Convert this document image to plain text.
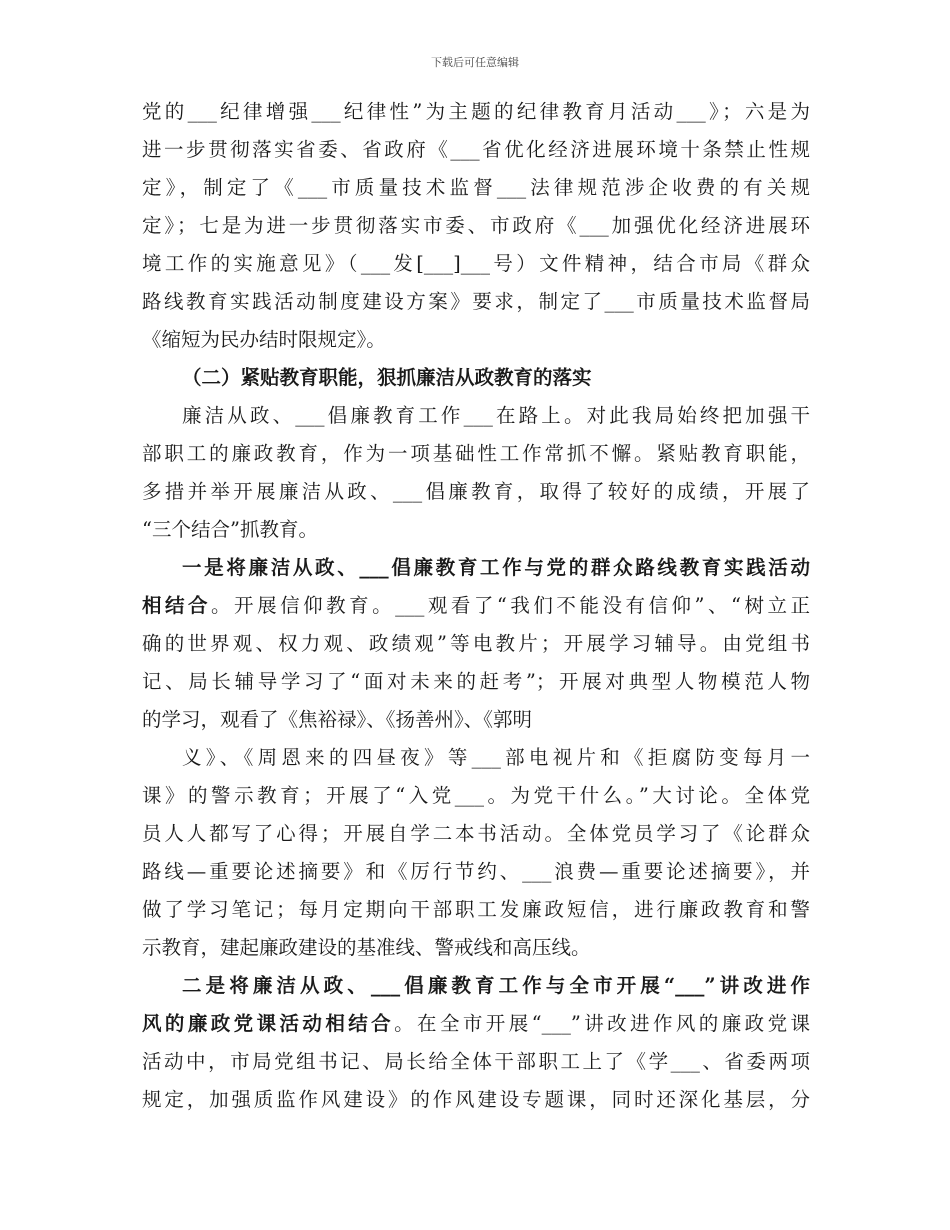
下载后可任意编辑
党的___纪律增强___纪律性”为主题的纪律教育月活动___》；六是为
进一步贯彻落实省委、省政府《___省优化经济进展环境十条禁止性规
定》，制定了《___市质量技术监督___法律规范涉企收费的有关规
定》；七是为进一步贯彻落实市委、市政府《___加强优化经济进展环
境工作的实施意见》（___发[___]___号）文件精神，结合市局《群众
路线教育实践活动制度建设方案》要求，制定了___市质量技术监督局
《缩短为民办结时限规定》。
（二）紧贴教育职能，狠抓廉洁从政教育的落实
廉洁从政、___倡廉教育工作___在路上。对此我局始终把加强干
部职工的廉政教育，作为一项基础性工作常抓不懈。紧贴教育职能，
多措并举开展廉洁从政、___倡廉教育，取得了较好的成绩，开展了
“三个结合”抓教育。
一是将廉洁从政、___倡廉教育工作与党的群众路线教育实践活动
相结合。开展信仰教育。___观看了“我们不能没有信仰”、“树立正
确的世界观、权力观、政绩观”等电教片；开展学习辅导。由党组书
记、局长辅导学习了“面对未来的赶考”；开展对典型人物模范人物
的学习，观看了《焦裕禄》、《扬善州》、《郭明
义》、《周恩来的四昼夜》等___部电视片和《拒腐防变每月一
课》的警示教育；开展了“入党___。为党干什么。”大讨论。全体党
员人人都写了心得；开展自学二本书活动。全体党员学习了《论群众
路线—重要论述摘要》和《厉行节约、___浪费—重要论述摘要》，并
做了学习笔记；每月定期向干部职工发廉政短信，进行廉政教育和警
示教育，建起廉政建设的基准线、警戒线和高压线。
二是将廉洁从政、___倡廉教育工作与全市开展“___”讲改进作
风的廉政党课活动相结合。在全市开展“___”讲改进作风的廉政党课
活动中，市局党组书记、局长给全体干部职工上了《学___、省委两项
规定，加强质监作风建设》的作风建设专题课，同时还深化基层，分
